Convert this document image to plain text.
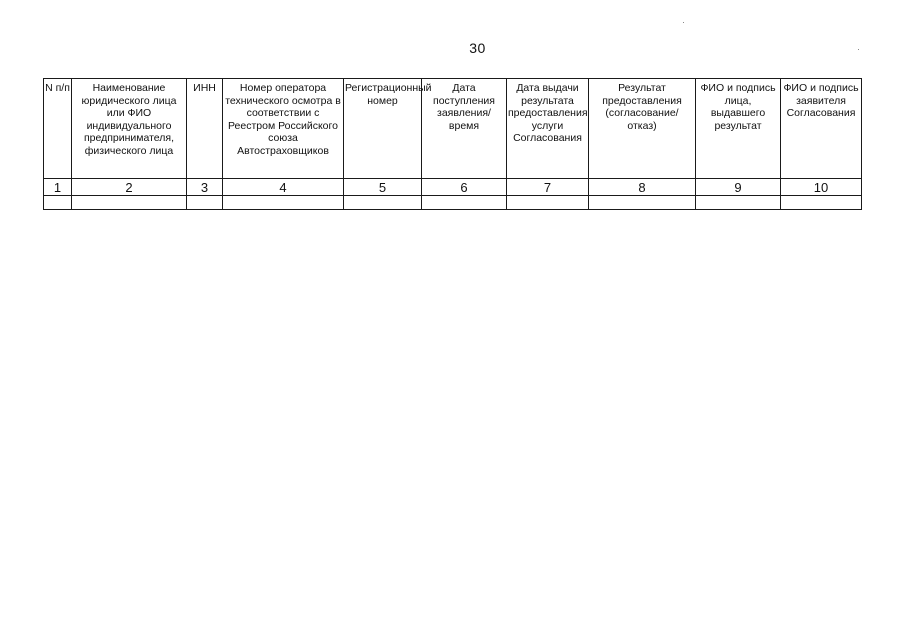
30
N п/п	Наименование юридического лица или ФИО индивидуального предпринимателя, физического лица	ИНН	Номер оператора технического осмотра в соответствии с Реестром Российского союза Автостраховщиков	Регистрационный номер	Дата поступления заявления/ время	Дата выдачи результата предоставления услуги Согласования	Результат предоставления (согласование/ отказ)	ФИО и подпись лица, выдавшего результат	ФИО и подпись заявителя Согласования
1	2	3	4	5	6	7	8	9	10
